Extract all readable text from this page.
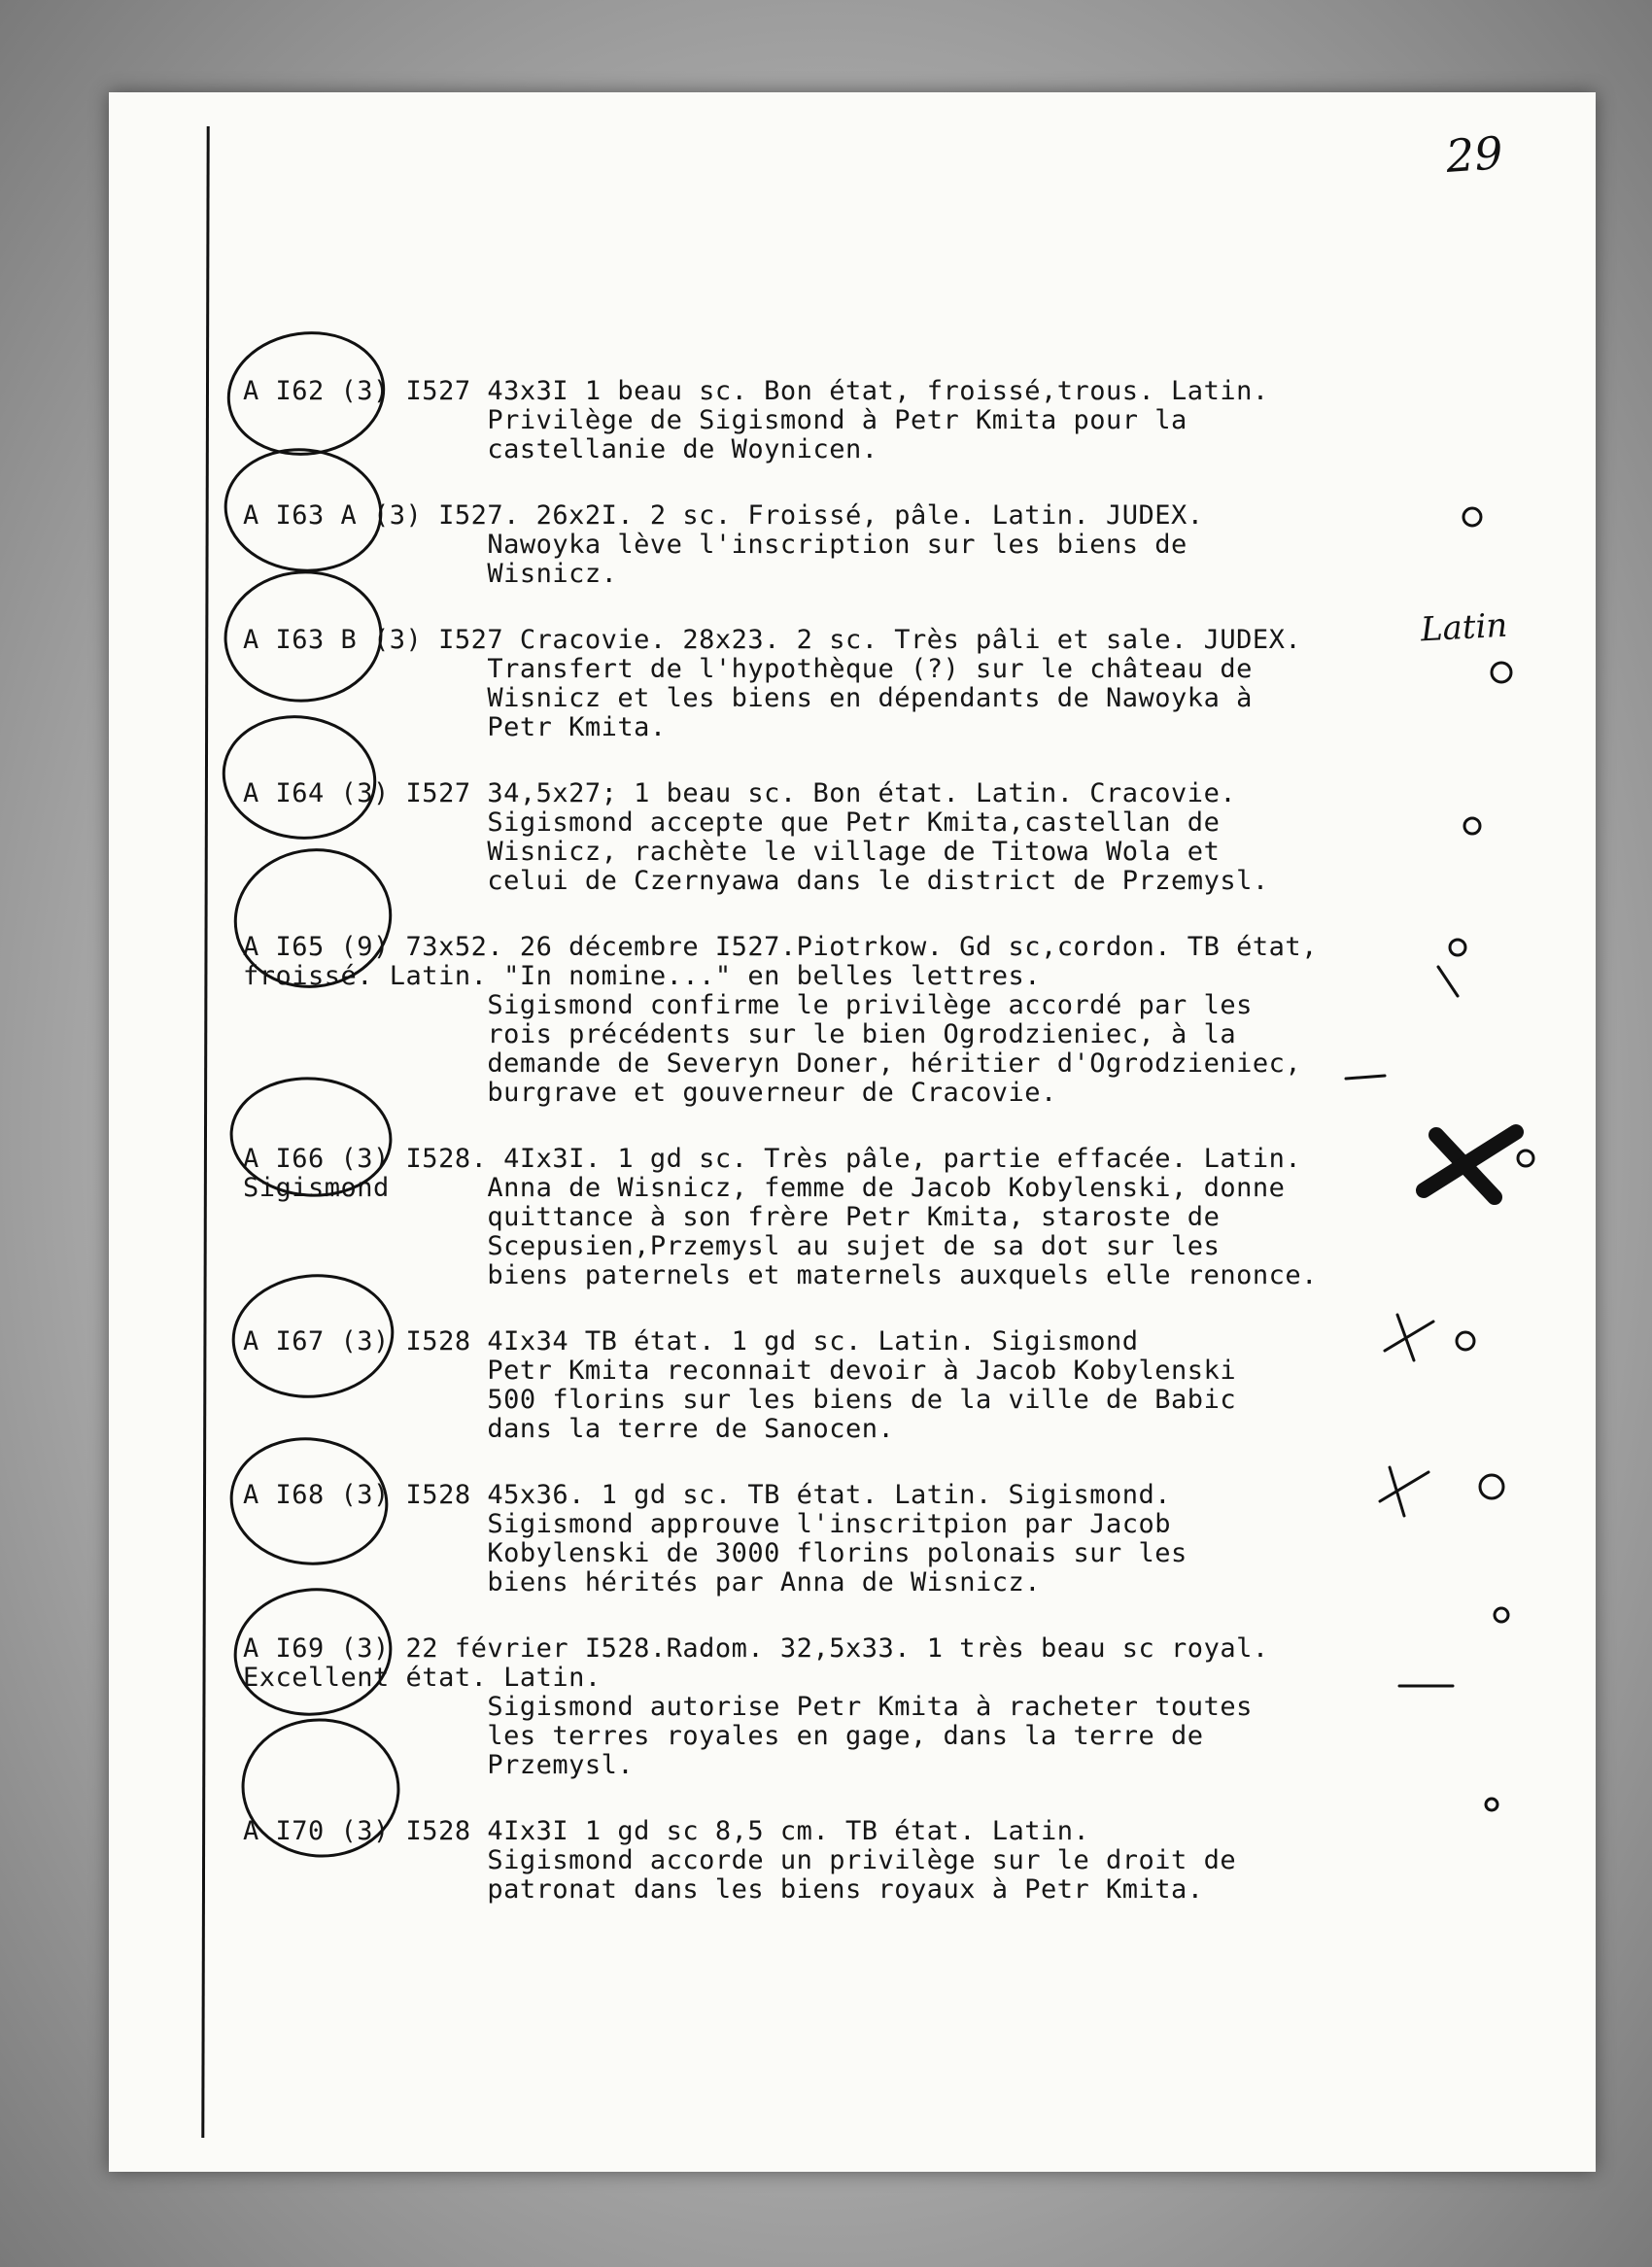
29
A I62 (3) I527 43x3I 1 beau sc. Bon état, froissé,trous. Latin.
Privilège de Sigismond à Petr Kmita pour la
castellanie de Woynicen.
A I63 A (3) I527. 26x2I. 2 sc. Froissé, pâle. Latin. JUDEX.
Nawoyka lève l'inscription sur les biens de
Wisnicz.
A I63 B (3) I527 Cracovie. 28x23. 2 sc. Très pâli et sale. JUDEX.
Transfert de l'hypothèque (?) sur le château de
Wisnicz et les biens en dépendants de Nawoyka à
Petr Kmita.
A I64 (3) I527 34,5x27; 1 beau sc. Bon état. Latin. Cracovie.
Sigismond accepte que Petr Kmita,castellan de
Wisnicz, rachète le village de Titowa Wola et
celui de Czernyawa dans le district de Przemysl.
A I65 (9) 73x52. 26 décembre I527.Piotrkow. Gd sc,cordon. TB état,
froissé. Latin. "In nomine..." en belles lettres.
Sigismond confirme le privilège accordé par les
rois précédents sur le bien Ogrodzieniec, à la
demande de Severyn Doner, héritier d'Ogrodzieniec,
burgrave et gouverneur de Cracovie.
A I66 (3) I528. 4Ix3I. 1 gd sc. Très pâle, partie effacée. Latin.
Sigismond      Anna de Wisnicz, femme de Jacob Kobylenski, donne
quittance à son frère Petr Kmita, staroste de
Scepusien,Przemysl au sujet de sa dot sur les
biens paternels et maternels auxquels elle renonce.
A I67 (3) I528 4Ix34 TB état. 1 gd sc. Latin. Sigismond
Petr Kmita reconnait devoir à Jacob Kobylenski
500 florins sur les biens de la ville de Babic
dans la terre de Sanocen.
A I68 (3) I528 45x36. 1 gd sc. TB état. Latin. Sigismond.
Sigismond approuve l'inscritpion par Jacob
Kobylenski de 3000 florins polonais sur les
biens hérités par Anna de Wisnicz.
A I69 (3) 22 février I528.Radom. 32,5x33. 1 très beau sc royal.
Excellent état. Latin.
Sigismond autorise Petr Kmita à racheter toutes
les terres royales en gage, dans la terre de
Przemysl.
A I70 (3) I528 4Ix3I 1 gd sc 8,5 cm. TB état. Latin.
Sigismond accorde un privilège sur le droit de
patronat dans les biens royaux à Petr Kmita.
Latin
